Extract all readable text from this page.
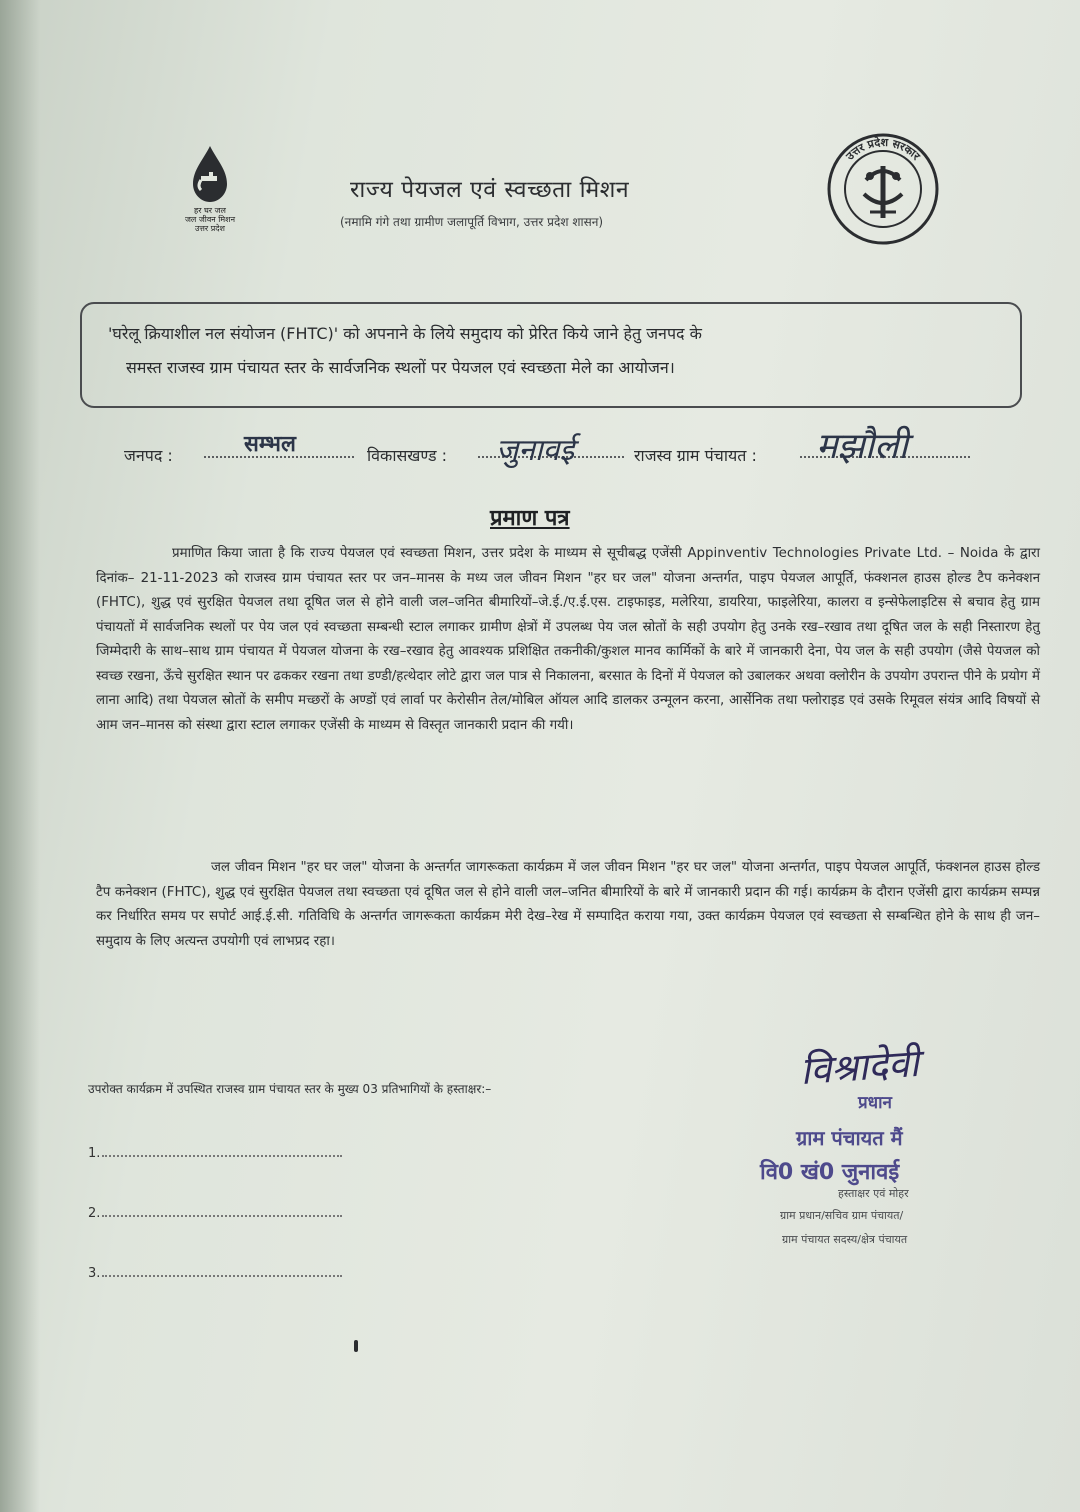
हर घर जल
जल जीवन मिशन
उत्तर प्रदेश
राज्य पेयजल एवं स्वच्छता मिशन
(नमामि गंगे तथा ग्रामीण जलापूर्ति विभाग, उत्तर प्रदेश शासन)
उत्तर प्रदेश सरकार
'घरेलू क्रियाशील नल संयोजन (FHTC)' को अपनाने के लिये समुदाय को प्रेरित किये जाने हेतु जनपद के
समस्त राजस्व ग्राम पंचायत स्तर के सार्वजनिक स्थलों पर पेयजल एवं स्वच्छता मेले का आयोजन।
जनपद :	सम्भल	विकासखण्ड : जुनावई	राजस्व ग्राम पंचायत : मझौली
प्रमाण पत्र
प्रमाणित किया जाता है कि राज्य पेयजल एवं स्वच्छता मिशन, उत्तर प्रदेश के माध्यम से सूचीबद्ध एजेंसी Appinventiv Technologies Private Ltd. – Noida के द्वारा दिनांक– 21-11-2023 को राजस्व ग्राम पंचायत स्तर पर जन–मानस के मध्य जल जीवन मिशन "हर घर जल" योजना अन्तर्गत, पाइप पेयजल आपूर्ति, फंक्शनल हाउस होल्ड टैप कनेक्शन (FHTC), शुद्ध एवं सुरक्षित पेयजल तथा दूषित जल से होने वाली जल–जनित बीमारियों–जे.ई./ए.ई.एस. टाइफाइड, मलेरिया, डायरिया, फाइलेरिया, कालरा व इन्सेफेलाइटिस से बचाव हेतु ग्राम पंचायतों में सार्वजनिक स्थलों पर पेय जल एवं स्वच्छता सम्बन्धी स्टाल लगाकर ग्रामीण क्षेत्रों में उपलब्ध पेय जल स्रोतों के सही उपयोग हेतु उनके रख–रखाव तथा दूषित जल के सही निस्तारण हेतु जिम्मेदारी के साथ–साथ ग्राम पंचायत में पेयजल योजना के रख–रखाव हेतु आवश्यक प्रशिक्षित तकनीकी/कुशल मानव कार्मिकों के बारे में जानकारी देना, पेय जल के सही उपयोग (जैसे पेयजल को स्वच्छ रखना, ऊँचे सुरक्षित स्थान पर ढककर रखना तथा डण्डी/हत्थेदार लोटे द्वारा जल पात्र से निकालना, बरसात के दिनों में पेयजल को उबालकर अथवा क्लोरीन के उपयोग उपरान्त पीने के प्रयोग में लाना आदि) तथा पेयजल स्रोतों के समीप मच्छरों के अण्डों एवं लार्वा पर केरोसीन तेल/मोबिल ऑयल आदि डालकर उन्मूलन करना, आर्सेनिक तथा फ्लोराइड एवं उसके रिमूवल संयंत्र आदि विषयों से आम जन–मानस को संस्था द्वारा स्टाल लगाकर एजेंसी के माध्यम से विस्तृत जानकारी प्रदान की गयी।
जल जीवन मिशन "हर घर जल" योजना के अन्तर्गत जागरूकता कार्यक्रम में जल जीवन मिशन "हर घर जल" योजना अन्तर्गत, पाइप पेयजल आपूर्ति, फंक्शनल हाउस होल्ड टैप कनेक्शन (FHTC), शुद्ध एवं सुरक्षित पेयजल तथा स्वच्छता एवं दूषित जल से होने वाली जल–जनित बीमारियों के बारे में जानकारी प्रदान की गई। कार्यक्रम के दौरान एजेंसी द्वारा कार्यक्रम सम्पन्न कर निर्धारित समय पर सपोर्ट आई.ई.सी. गतिविधि के अन्तर्गत जागरूकता कार्यक्रम मेरी देख–रेख में सम्पादित कराया गया, उक्त कार्यक्रम पेयजल एवं स्वच्छता से सम्बन्धित होने के साथ ही जन–समुदाय के लिए अत्यन्त उपयोगी एवं लाभप्रद रहा।
उपरोक्त कार्यक्रम में उपस्थित राजस्व ग्राम पंचायत स्तर के मुख्य 03 प्रतिभागियों के हस्ताक्षर:–
1.
2.
3.
विश्रादेवी
प्रधान
ग्राम पंचायत मैं
वि0 खं0 जुनावई
हस्ताक्षर एवं मोहर
ग्राम प्रधान/सचिव ग्राम पंचायत/
ग्राम पंचायत सदस्य/क्षेत्र पंचायत
